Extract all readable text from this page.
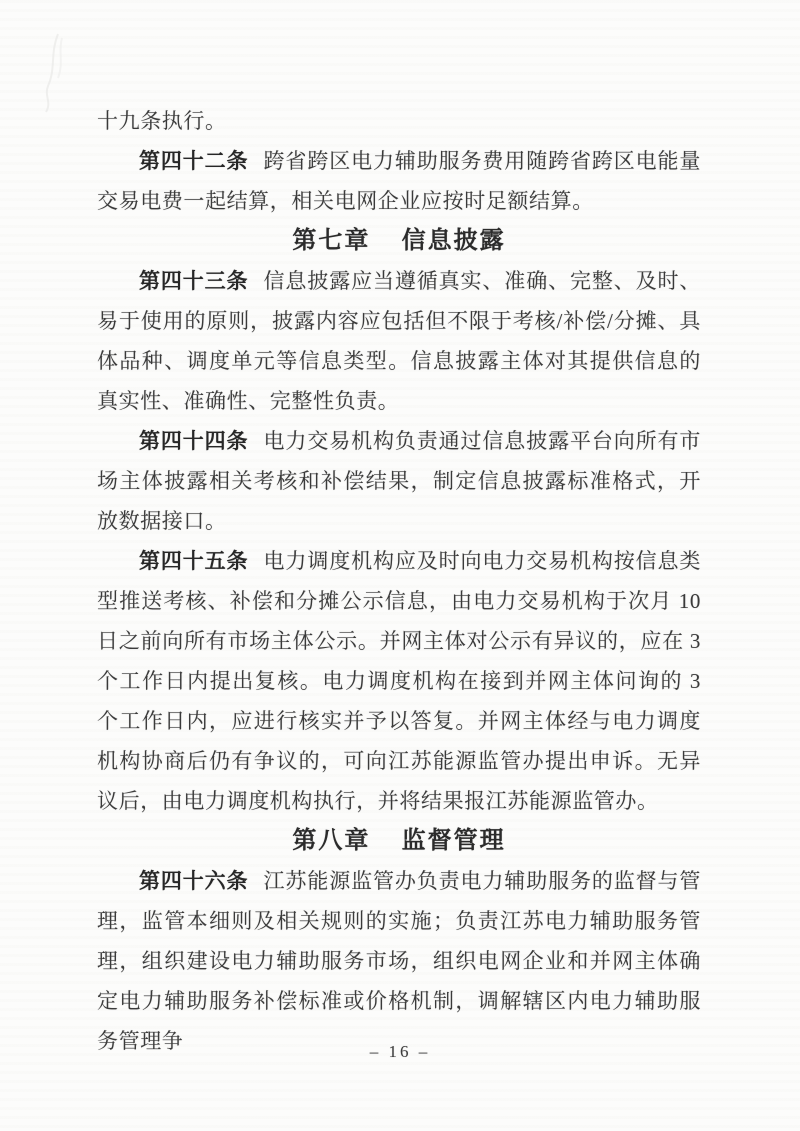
十九条执行。

第四十二条 跨省跨区电力辅助服务费用随跨省跨区电能量交易电费一起结算，相关电网企业应按时足额结算。

第七章 信息披露

第四十三条 信息披露应当遵循真实、准确、完整、及时、易于使用的原则，披露内容应包括但不限于考核/补偿/分摊、具体品种、调度单元等信息类型。信息披露主体对其提供信息的真实性、准确性、完整性负责。

第四十四条 电力交易机构负责通过信息披露平台向所有市场主体披露相关考核和补偿结果，制定信息披露标准格式，开放数据接口。

第四十五条 电力调度机构应及时向电力交易机构按信息类型推送考核、补偿和分摊公示信息，由电力交易机构于次月 10 日之前向所有市场主体公示。并网主体对公示有异议的，应在 3 个工作日内提出复核。电力调度机构在接到并网主体问询的 3 个工作日内，应进行核实并予以答复。并网主体经与电力调度机构协商后仍有争议的，可向江苏能源监管办提出申诉。无异议后，由电力调度机构执行，并将结果报江苏能源监管办。

第八章 监督管理

第四十六条 江苏能源监管办负责电力辅助服务的监督与管理，监管本细则及相关规则的实施；负责江苏电力辅助服务管理，组织建设电力辅助服务市场，组织电网企业和并网主体确定电力辅助服务补偿标准或价格机制，调解辖区内电力辅助服务管理争	– 16 –
